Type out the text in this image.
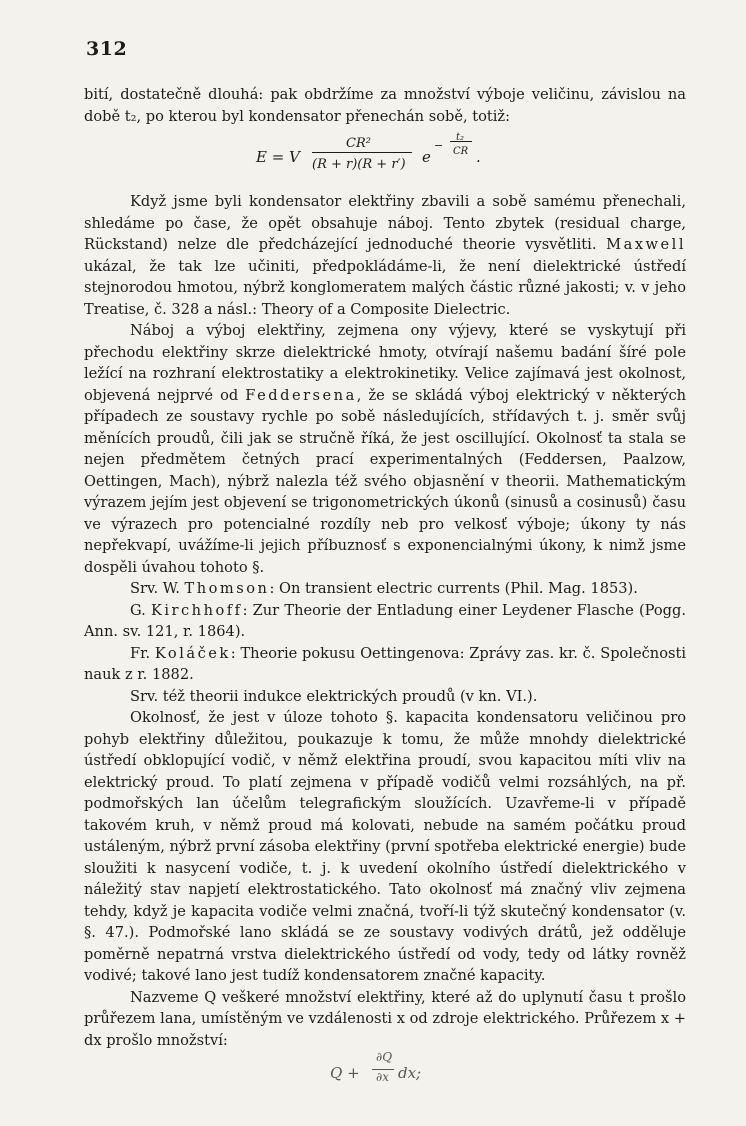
312

bití, dostatečně dlouhá: pak obdržíme za množství výboje veličinu, závislou na době t₂, po kterou byl kondensator přenechán sobě, totiž:

E = V
CR²
(R + r)(R + r′) e
−
t₂
CR .

Když jsme byli kondensator elektřiny zbavili a sobě samému přenechali, shledáme po čase, že opět obsahuje náboj. Tento zbytek (residual charge, Rückstand) nelze dle předcházející jednoduché theorie vysvětliti. Maxwell ukázal, že tak lze učiniti, předpokládáme-li, že není dielektrické ústředí stejnorodou hmotou, nýbrž konglomeratem malých částic různé jakosti; v. v jeho Treatise, č. 328 a násl.: Theory of a Composite Dielectric.

Náboj a výboj elektřiny, zejmena ony výjevy, které se vyskytují při přechodu elektřiny skrze dielektrické hmoty, otvírají našemu badání šíré pole ležící na rozhraní elektrostatiky a elektrokinetiky. Velice zajímavá jest okolnost, objevená nejprvé od Feddersena, že se skládá výboj elektrický v některých případech ze soustavy rychle po sobě následujících, střídavých t. j. směr svůj měnících proudů, čili jak se stručně říká, že jest oscillující. Okolnosť ta stala se nejen předmětem četných prací experimentalných (Feddersen, Paalzow, Oettingen, Mach), nýbrž nalezla též svého objasnění v theorii. Mathematickým výrazem jejím jest objevení se trigonometrických úkonů (sinusů a cosinusů) času ve výrazech pro potencialné rozdíly neb pro velkosť výboje; úkony ty nás nepřekvapí, uvážíme-li jejich příbuznosť s exponencialnými úkony, k nimž jsme dospěli úvahou tohoto §.

Srv. W. Thomson: On transient electric currents (Phil. Mag. 1853).

G. Kirchhoff: Zur Theorie der Entladung einer Leydener Flasche (Pogg. Ann. sv. 121, r. 1864).

Fr. Koláček: Theorie pokusu Oettingenova: Zprávy zas. kr. č. Společnosti nauk z r. 1882.

Srv. též theorii indukce elektrických proudů (v kn. VI.).

Okolnosť, že jest v úloze tohoto §. kapacita kondensatoru veličinou pro pohyb elektřiny důležitou, poukazuje k tomu, že může mnohdy dielektrické ústředí obklopující vodič, v němž elektřina proudí, svou kapacitou míti vliv na elektrický proud. To platí zejmena v případě vodičů velmi rozsáhlých, na př. podmořských lan účelům telegrafickým sloužících. Uzavřeme-li v případě takovém kruh, v němž proud má kolovati, nebude na samém počátku proud ustáleným, nýbrž první zásoba elektřiny (první spotřeba elektrické energie) bude sloužiti k nasycení vodiče, t. j. k uvedení okolního ústředí dielektrického v náležitý stav napjetí elektrostatického. Tato okolnosť má značný vliv zejmena tehdy, když je kapacita vodiče velmi značná, tvoří-li týž skutečný kondensator (v. §. 47.). Podmořské lano skládá se ze soustavy vodivých drátů, jež odděluje poměrně nepatrná vrstva dielektrického ústředí od vody, tedy od látky rovněž vodivé; takové lano jest tudíž kondensatorem značné kapacity.

Nazveme Q veškeré množství elektřiny, které až do uplynutí času t prošlo průřezem lana, umístěným ve vzdálenosti x od zdroje elektrického. Průřezem x + dx prošlo množství:

Q +
∂Q
∂x dx;
